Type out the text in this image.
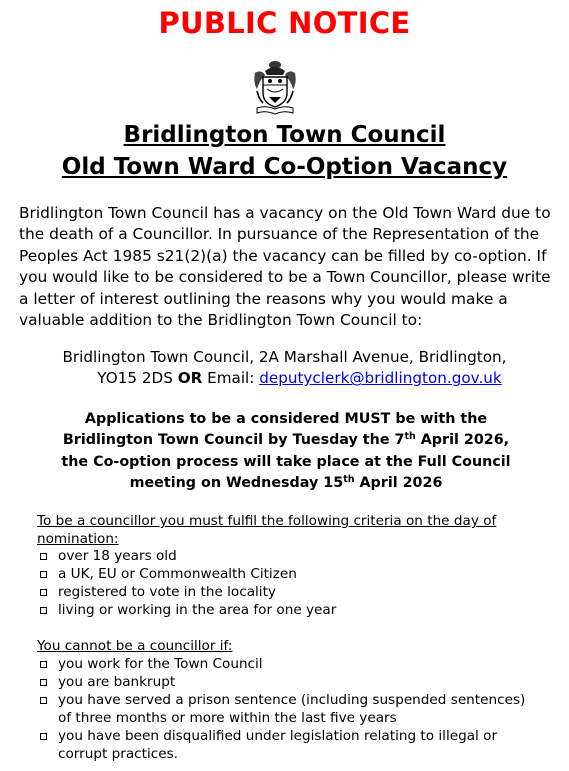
PUBLIC NOTICE
Bridlington Town Council
Old Town Ward Co-Option Vacancy

Bridlington Town Council has a vacancy on the Old Town Ward due to the death of a Councillor. In pursuance of the Representation of the Peoples Act 1985 s21(2)(a) the vacancy can be filled by co-option. If you would like to be considered to be a Town Councillor, please write a letter of interest outlining the reasons why you would make a valuable addition to the Bridlington Town Council to:

Bridlington Town Council, 2A Marshall Avenue, Bridlington,
YO15 2DS OR Email: deputyclerk@bridlington.gov.uk
Applications to be a considered MUST be with the
Bridlington Town Council by Tuesday the 7th April 2026,
the Co-option process will take place at the Full Council
meeting on Wednesday 15th April 2026
To be a councillor you must fulfil the following criteria on the day of nomination:
over 18 years old
a UK, EU or Commonwealth Citizen
registered to vote in the locality
living or working in the area for one year
You cannot be a councillor if:
you work for the Town Council
you are bankrupt
you have served a prison sentence (including suspended sentences) of three months or more within the last five years
you have been disqualified under legislation relating to illegal or corrupt practices.
